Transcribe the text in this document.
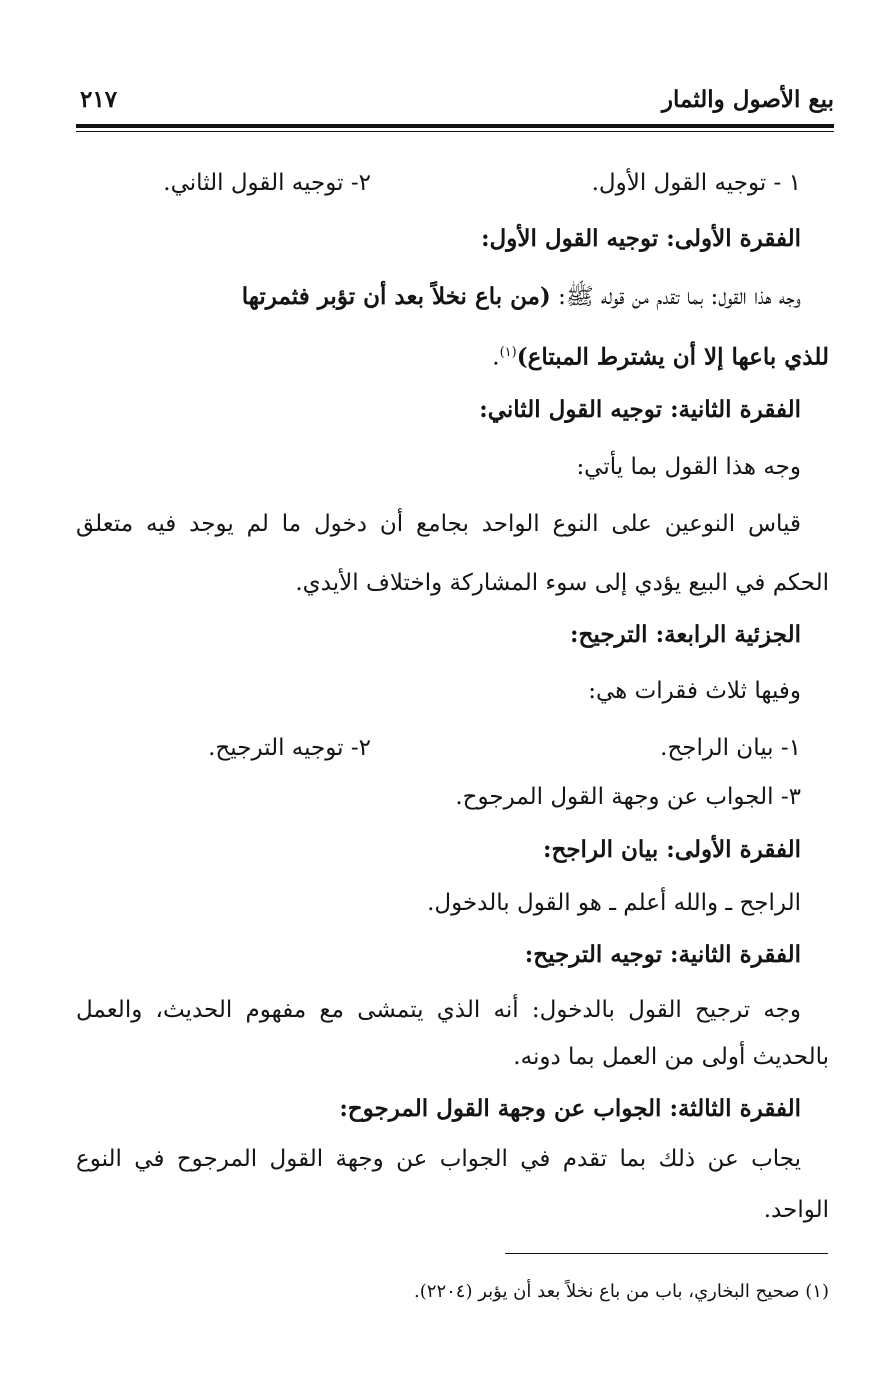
بيع الأصول والثمار
٢١٧
١ - توجيه القول الأول.
٢- توجيه القول الثاني.
الفقرة الأولى: توجيه القول الأول:
وجه هذا القول: بما تقدم من قوله ﷺ: (من باع نخلاً بعد أن تؤبر فثمرتها
للذي باعها إلا أن يشترط المبتاع)$^{(١)}$.
الفقرة الثانية: توجيه القول الثاني:
وجه هذا القول بما يأتي:
قياس النوعين على النوع الواحد بجامع أن دخول ما لم يوجد فيه متعلق
الحكم في البيع يؤدي إلى سوء المشاركة واختلاف الأيدي.
الجزئية الرابعة: الترجيح:
وفيها ثلاث فقرات هي:
١- بيان الراجح.
٢- توجيه الترجيح.
٣- الجواب عن وجهة القول المرجوح.
الفقرة الأولى: بيان الراجح:
الراجح ـ والله أعلم ـ هو القول بالدخول.
الفقرة الثانية: توجيه الترجيح:
وجه ترجيح القول بالدخول: أنه الذي يتمشى مع مفهوم الحديث، والعمل
بالحديث أولى من العمل بما دونه.
الفقرة الثالثة: الجواب عن وجهة القول المرجوح:
يجاب عن ذلك بما تقدم في الجواب عن وجهة القول المرجوح في النوع
الواحد.
(١) صحيح البخاري، باب من باع نخلاً بعد أن يؤبر (٢٢٠٤).
